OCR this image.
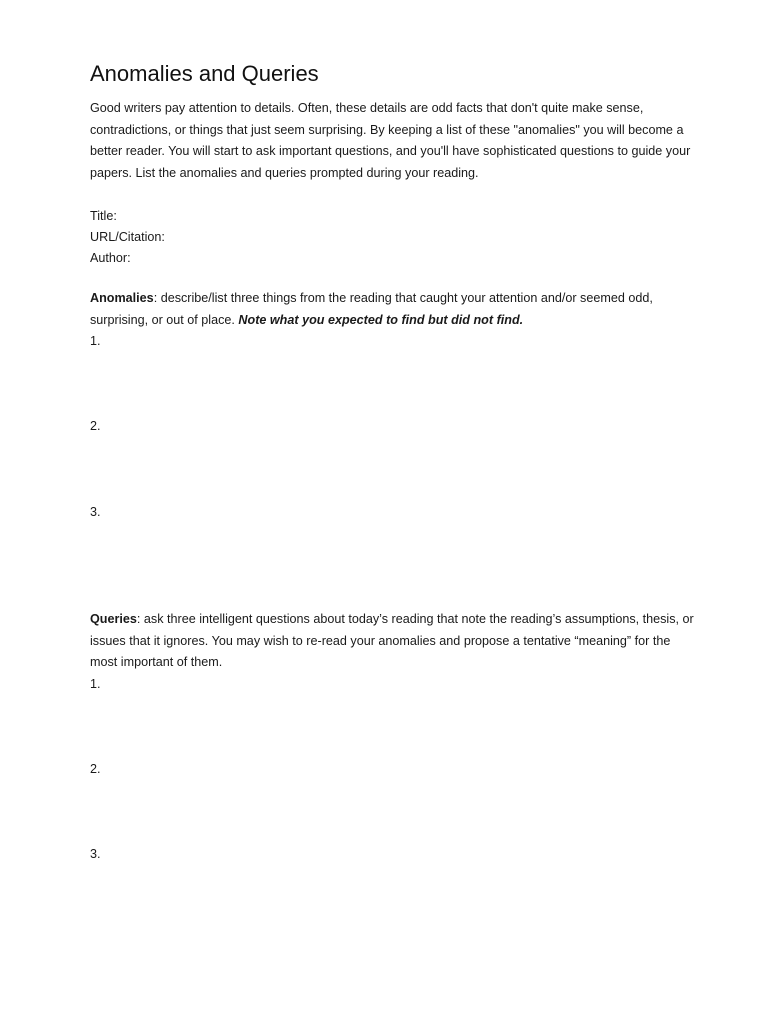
Anomalies and Queries

Good writers pay attention to details. Often, these details are odd facts that don't quite make sense, contradictions, or things that just seem surprising. By keeping a list of these "anomalies" you will become a better reader. You will start to ask important questions, and you'll have sophisticated questions to guide your papers. List the anomalies and queries prompted during your reading.

Title:
URL/Citation:
Author:
Anomalies: describe/list three things from the reading that caught your attention and/or seemed odd, surprising, or out of place. Note what you expected to find but did not find.
1.
2.
3.
Queries: ask three intelligent questions about today’s reading that note the reading’s assumptions, thesis, or issues that it ignores. You may wish to re-read your anomalies and propose a tentative “meaning” for the most important of them.
1.
2.
3.
